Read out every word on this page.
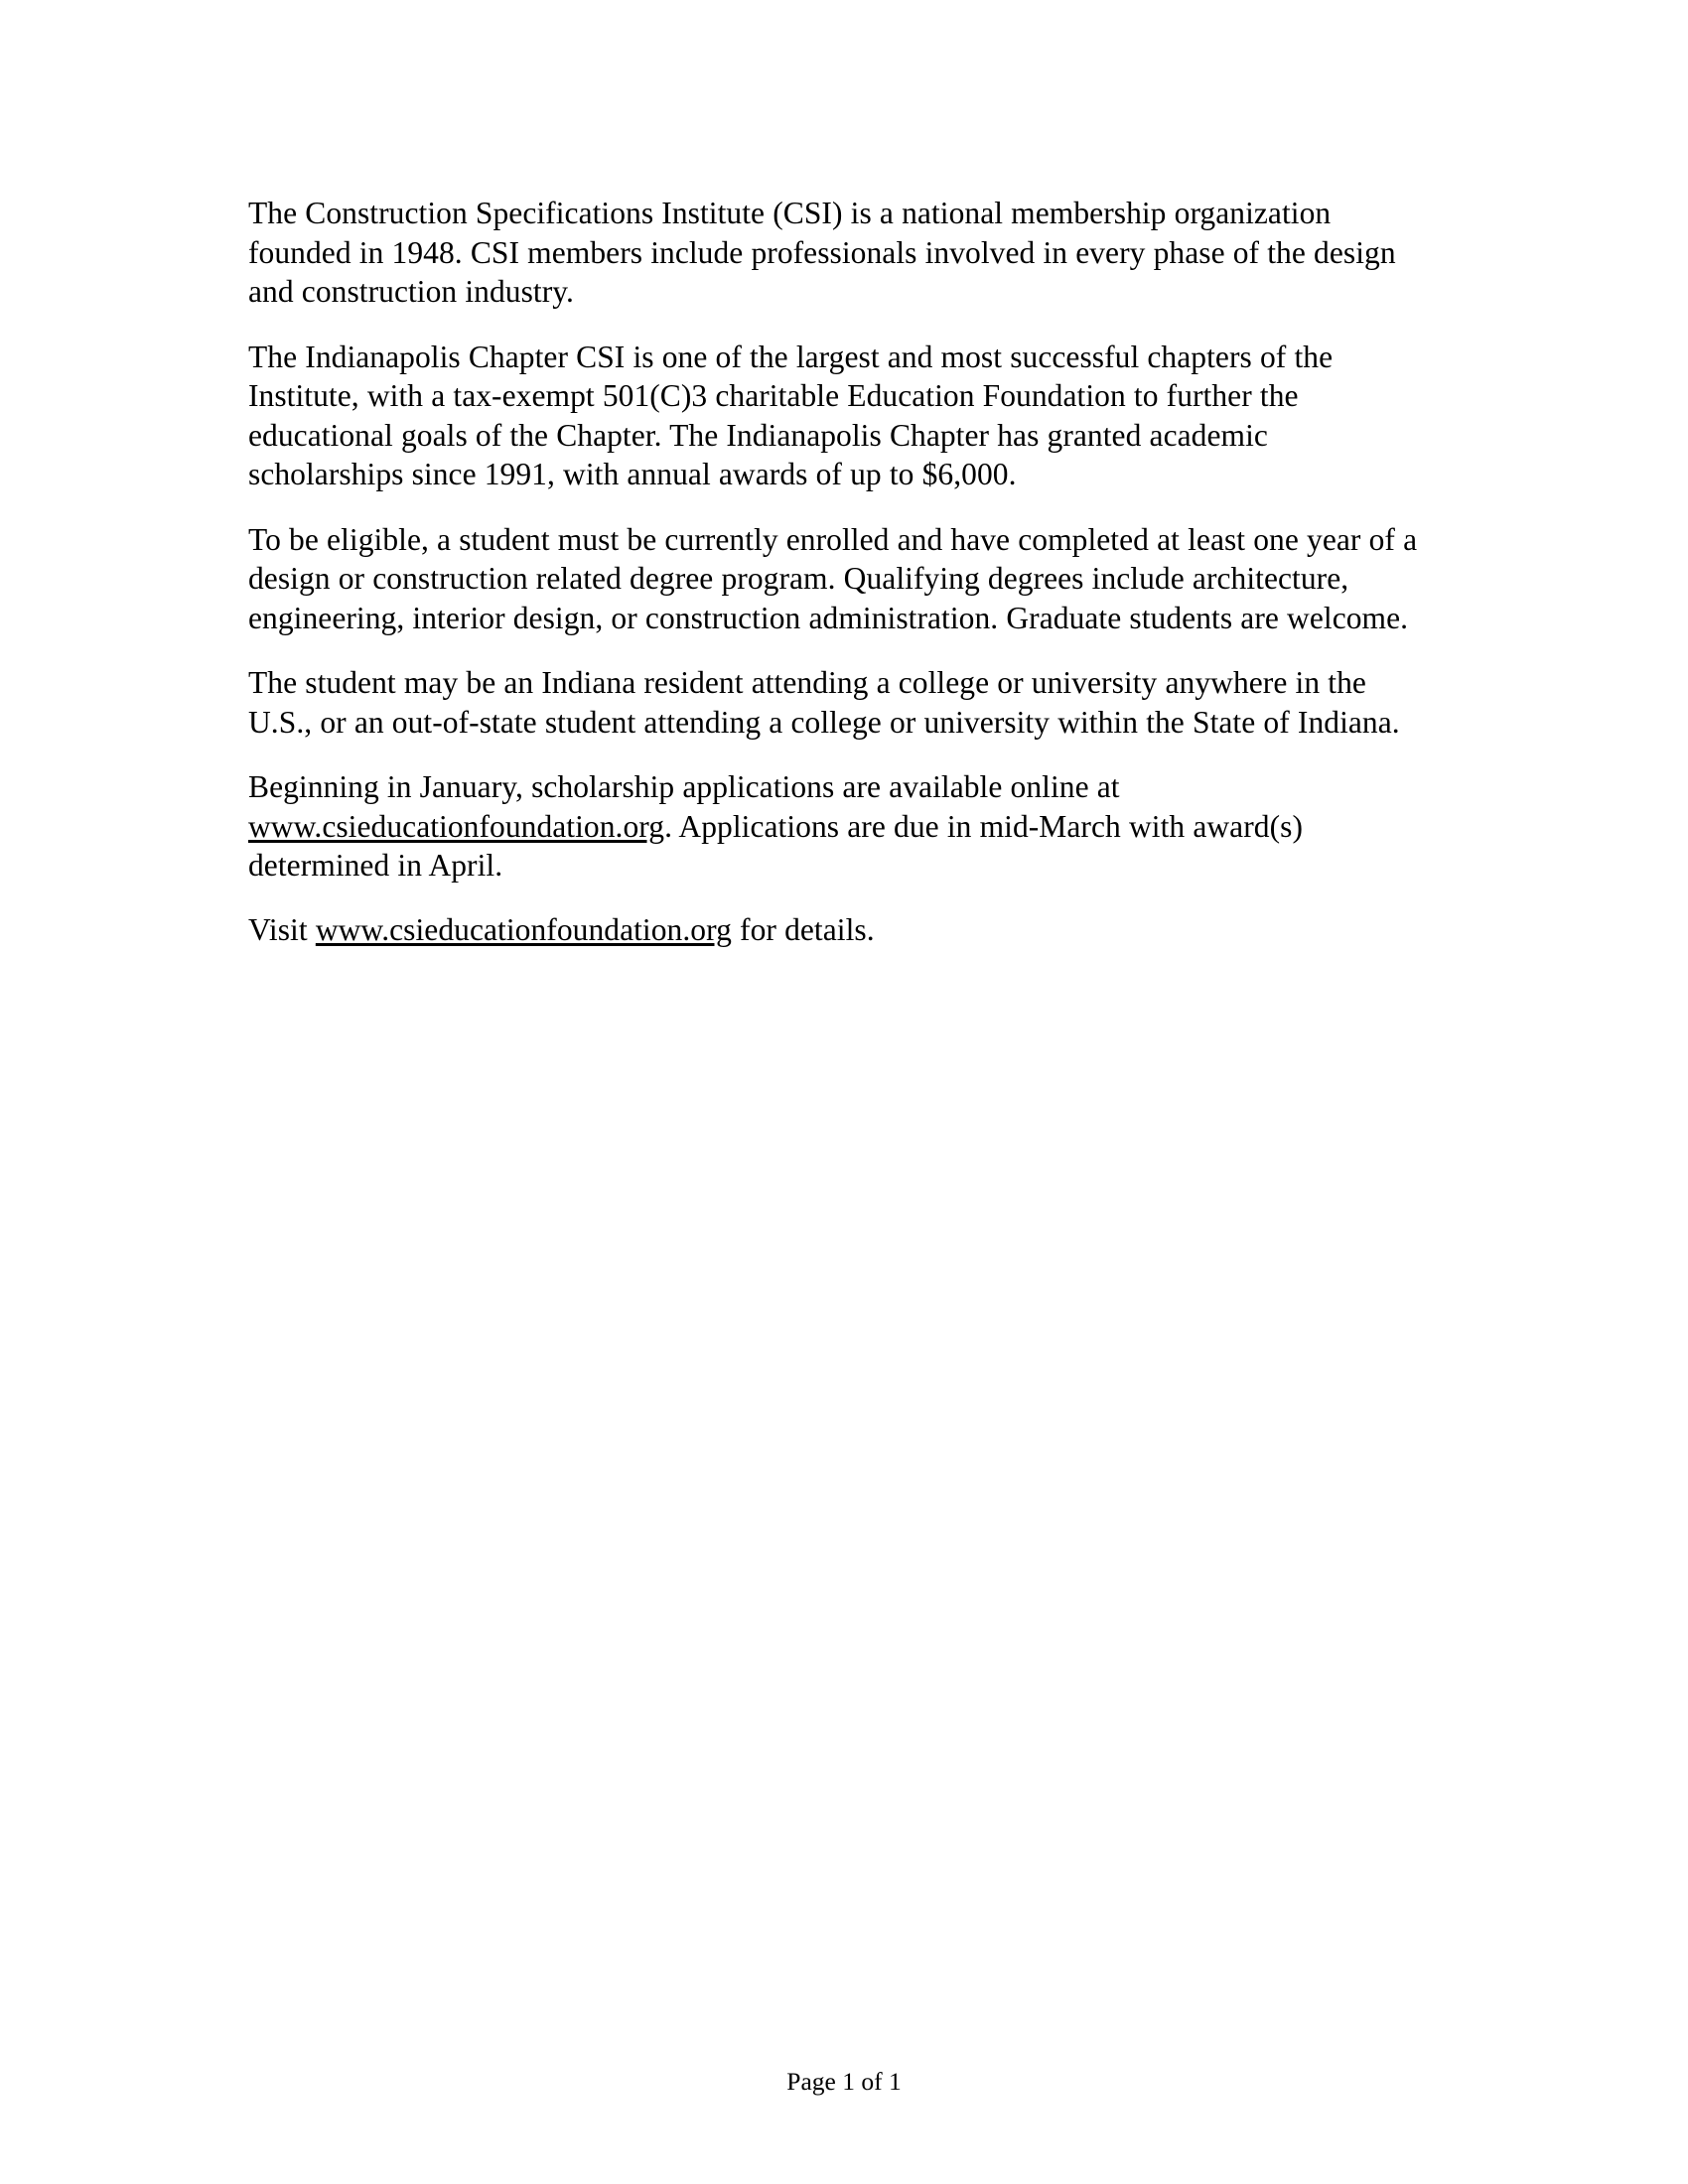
The Construction Specifications Institute (CSI) is a national membership organization founded in 1948. CSI members include professionals involved in every phase of the design and construction industry.

The Indianapolis Chapter CSI is one of the largest and most successful chapters of the Institute, with a tax-exempt 501(C)3 charitable Education Foundation to further the educational goals of the Chapter. The Indianapolis Chapter has granted academic scholarships since 1991, with annual awards of up to $6,000.

To be eligible, a student must be currently enrolled and have completed at least one year of a design or construction related degree program. Qualifying degrees include architecture, engineering, interior design, or construction administration. Graduate students are welcome.

The student may be an Indiana resident attending a college or university anywhere in the U.S., or an out-of-state student attending a college or university within the State of Indiana.

Beginning in January, scholarship applications are available online at www.csieducationfoundation.org. Applications are due in mid-March with award(s) determined in April.

Visit www.csieducationfoundation.org for details.

Page 1 of 1
